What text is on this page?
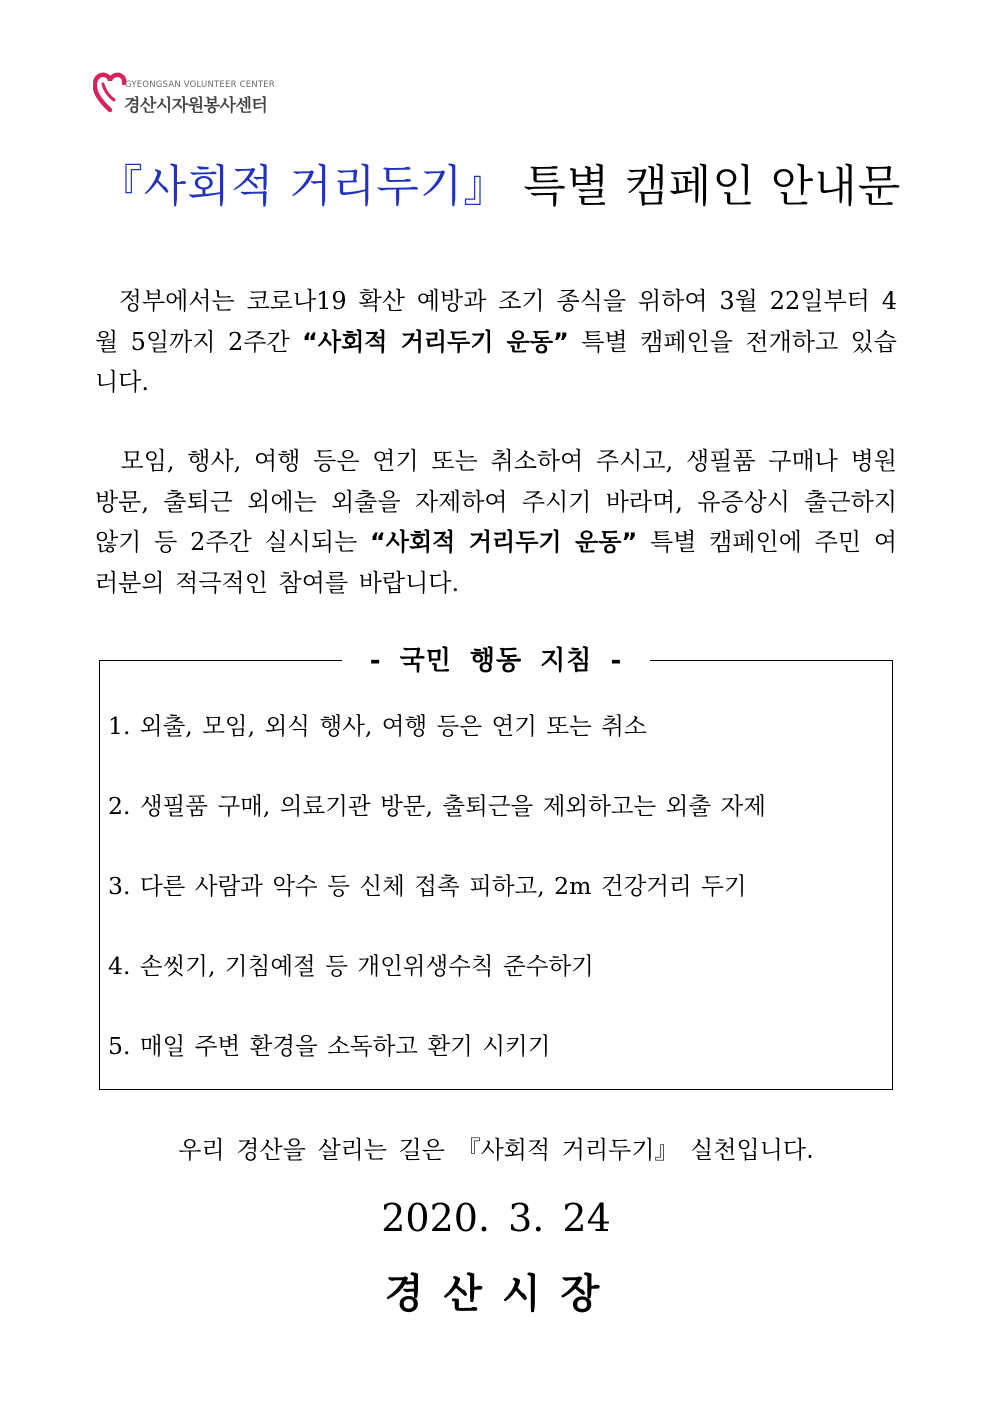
GYEONGSAN VOLUNTEER CENTER
경산시자원봉사센터
『사회적 거리두기』 특별 캠페인 안내문
정부에서는 코로나19 확산 예방과 조기 종식을 위하여 3월 22일부터 4월 5일까지 2주간 “사회적 거리두기 운동” 특별 캠페인을 전개하고 있습니다.
모임, 행사, 여행 등은 연기 또는 취소하여 주시고, 생필품 구매나 병원 방문, 출퇴근 외에는 외출을 자제하여 주시기 바라며, 유증상시 출근하지 않기 등 2주간 실시되는 “사회적 거리두기 운동” 특별 캠페인에 주민 여러분의 적극적인 참여를 바랍니다.
- 국민 행동 지침 -
1. 외출, 모임, 외식 행사, 여행 등은 연기 또는 취소
2. 생필품 구매, 의료기관 방문, 출퇴근을 제외하고는 외출 자제
3. 다른 사람과 악수 등 신체 접촉 피하고, 2m 건강거리 두기
4. 손씻기, 기침예절 등 개인위생수칙 준수하기
5. 매일 주변 환경을 소독하고 환기 시키기
우리 경산을 살리는 길은 『사회적 거리두기』 실천입니다.
2020. 3. 24
경산시장
